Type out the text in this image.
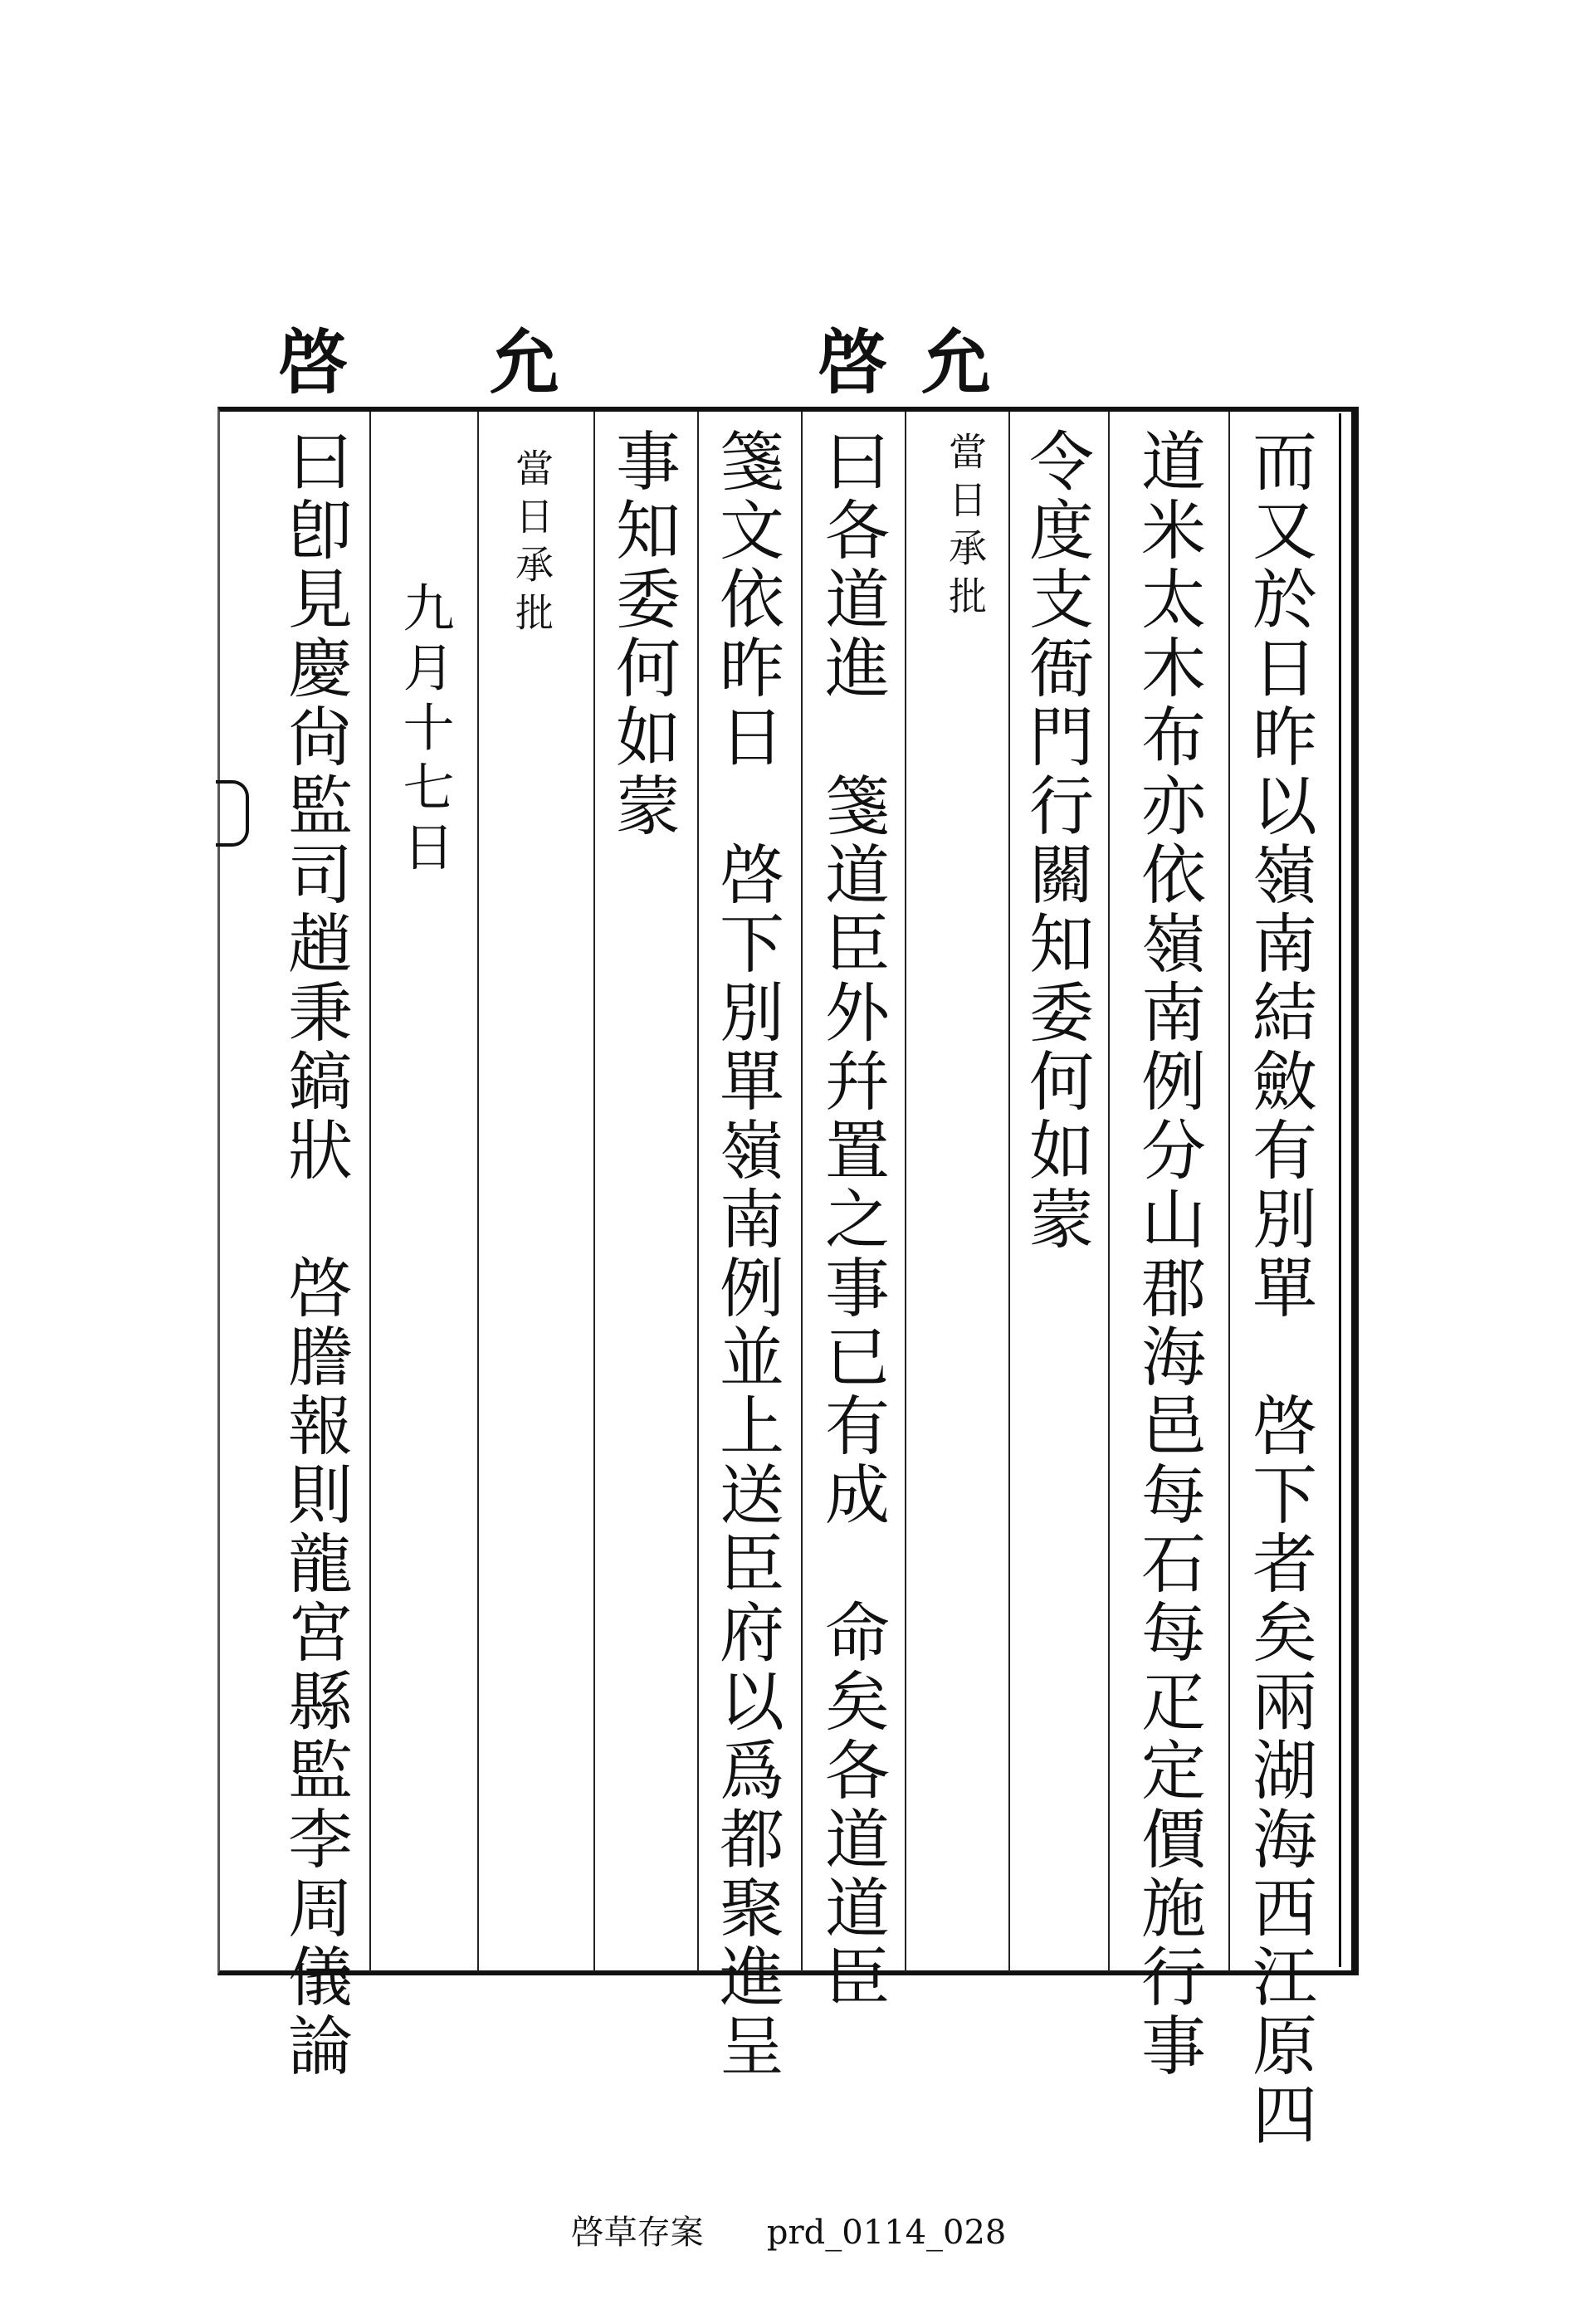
啓 允	啓
允
而又於日昨以嶺南結斂有別單　啓下者矣兩湖海西江原四
道米太木布亦依嶺南例分山郡海邑每石每疋定價施行事
令度支衙門行關知委何如蒙
當日承批
曰各道進　箋道臣外幷置之事已有成　命矣各道道臣
箋文依昨日　啓下別單嶺南例並上送臣府以爲都聚進呈
事知委何如蒙
當日承批
九月十七日
曰卽見慶尙監司趙秉鎬狀　啓謄報則龍宮縣監李周儀論
啓草存案 prd_0114_028
